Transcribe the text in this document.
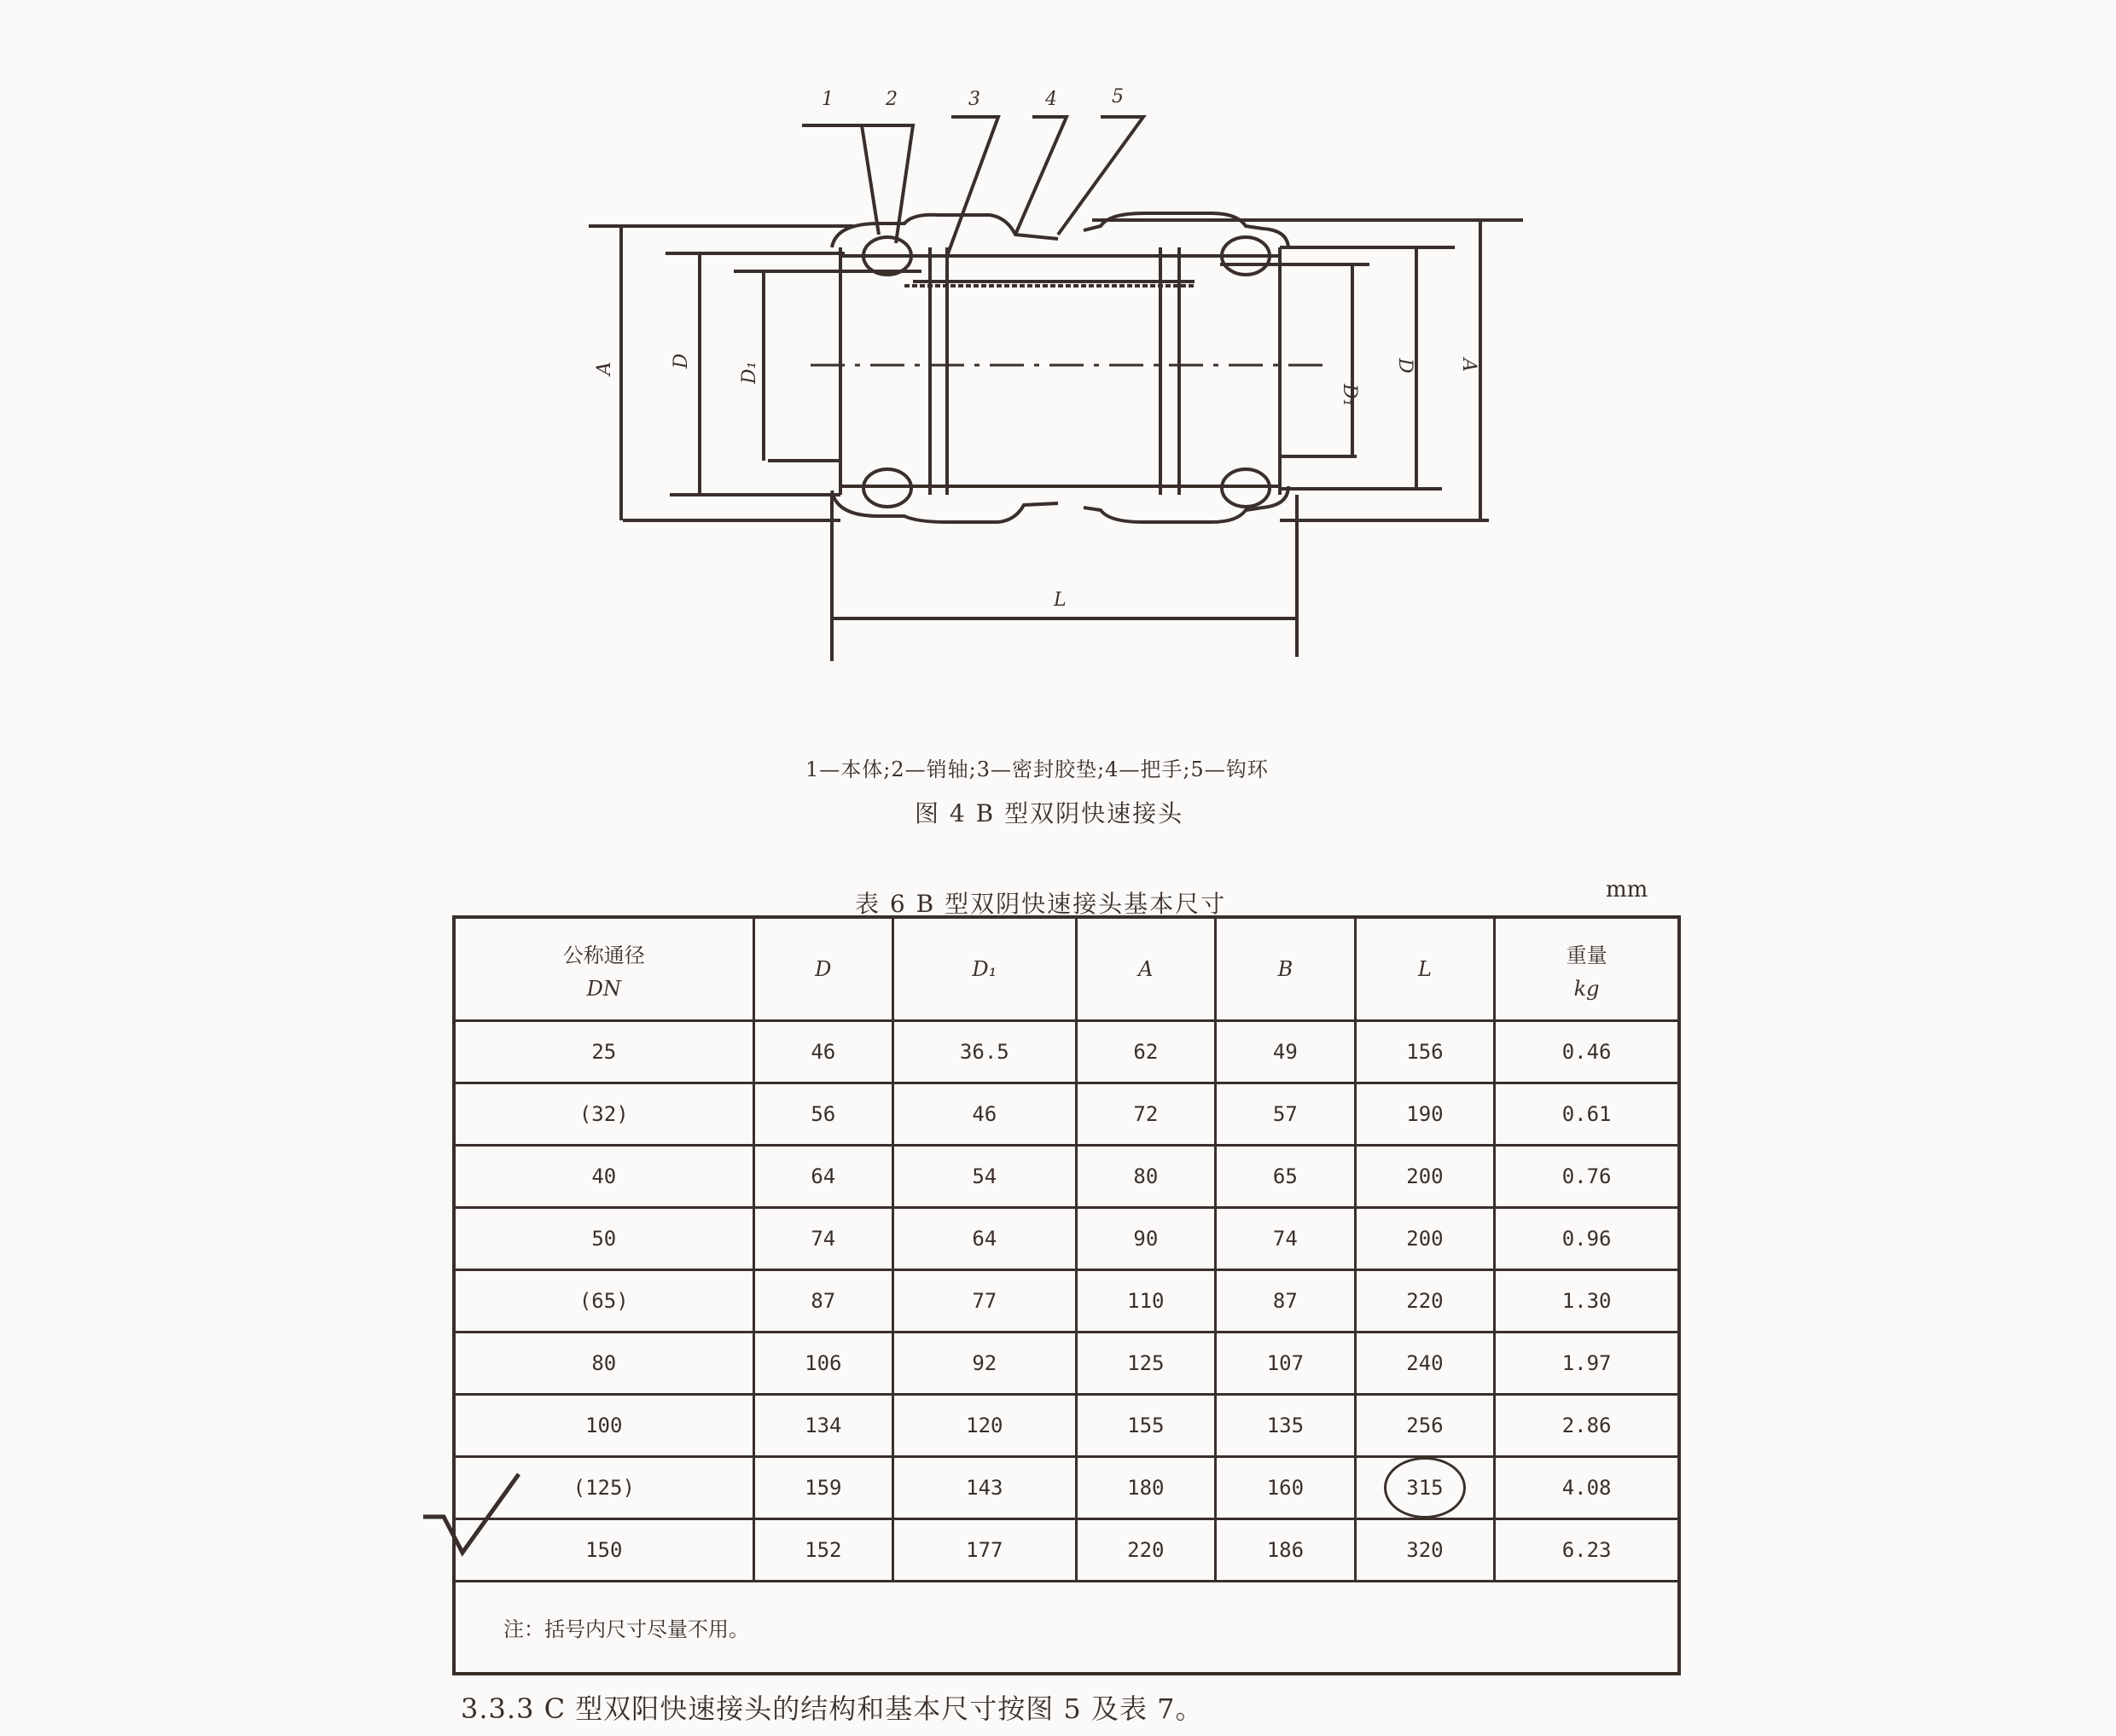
1	2	3	4	5
A
D
D₁
D₁
D A
L
1—本体;2—销轴;3—密封胶垫;4—把手;5—钩环
图 4 B 型双阴快速接头
表 6 B 型双阴快速接头基本尺寸	mm
公称通径
DN	D	D₁	A	B	L	重量
kg

25	46	36.5	62	49	156	0.46
(32)	56	46	72	57	190	0.61
40	64	54	80	65	200	0.76
50	74	64	90	74	200	0.96
(65)	87	77	110	87	220	1.30
80	106	92	125	107	240	1.97
100	134	120	155	135	256	2.86
(125)	159	143	180	160	315	4.08
150	152	177	220	186	320	6.23
注：括号内尺寸尽量不用。						
3.3.3 C 型双阳快速接头的结构和基本尺寸按图 5 及表 7。
